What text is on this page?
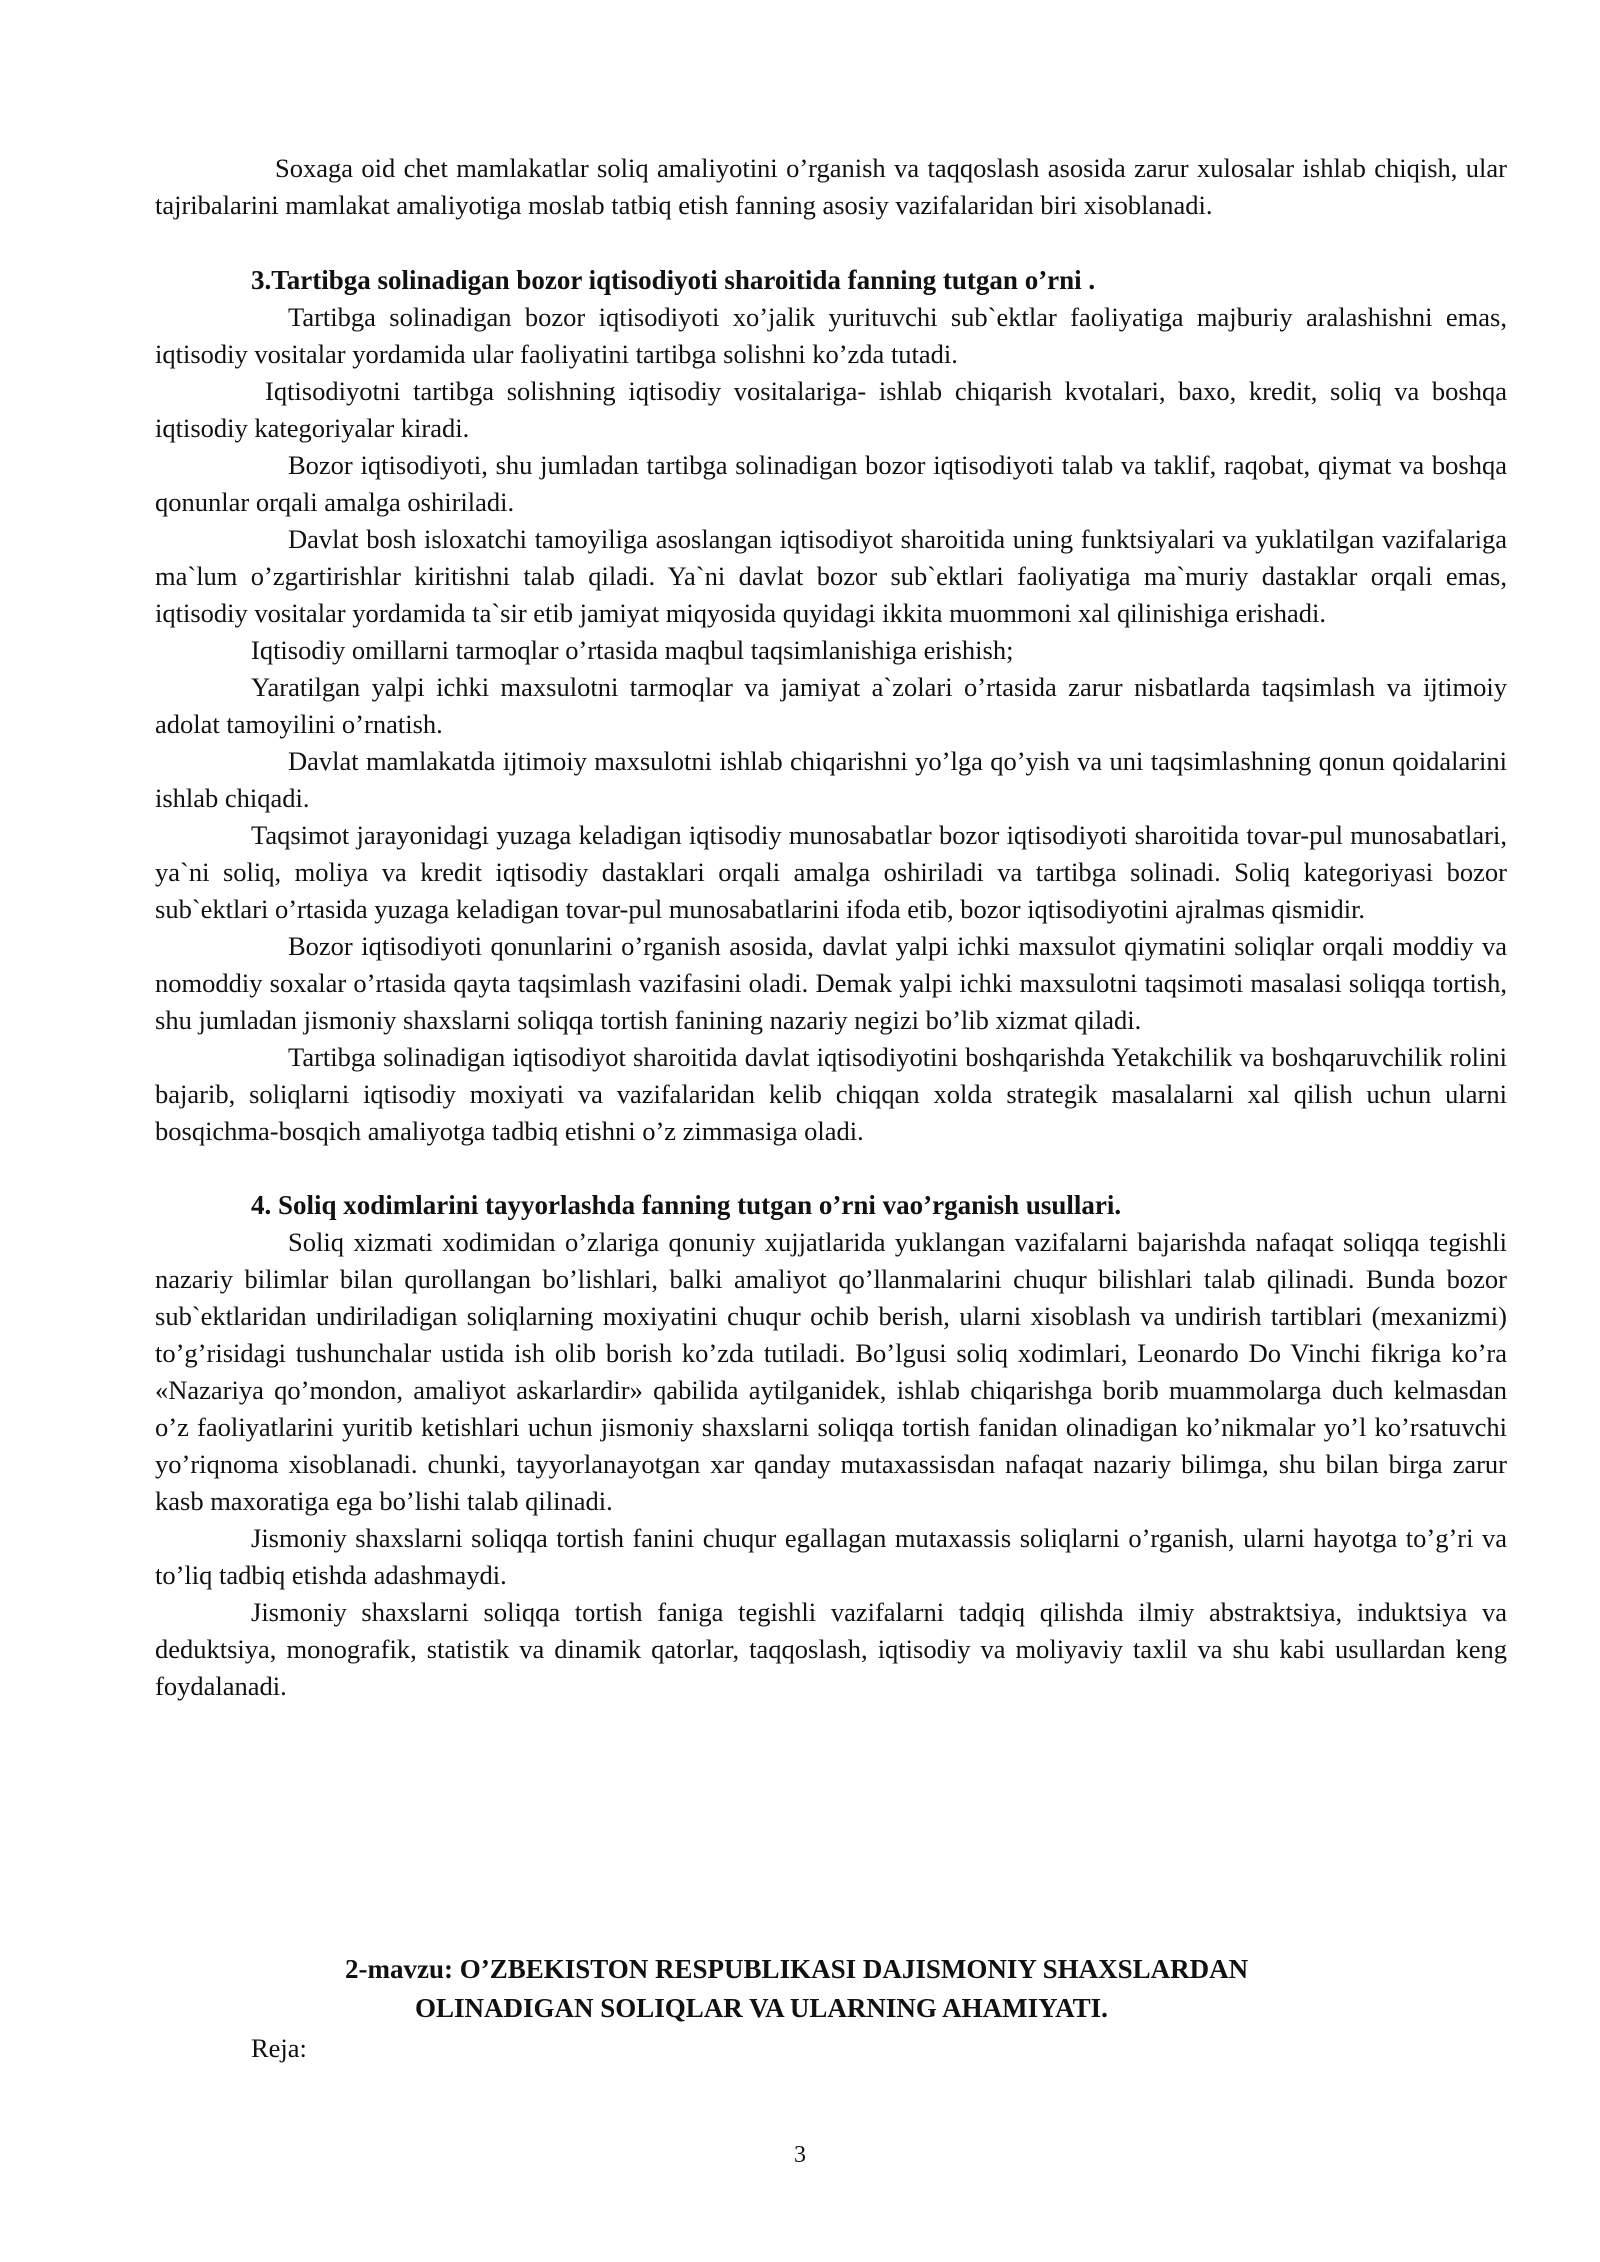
Soxaga oid chet mamlakatlar soliq amaliyotini o’rganish va taqqoslash asosida zarur xulosalar ishlab chiqish, ular tajribalarini mamlakat amaliyotiga moslab tatbiq etish fanning asosiy vazifalaridan biri xisoblanadi.

3.Tartibga solinadigan bozor iqtisodiyoti sharoitida fanning tutgan o’rni .

Tartibga solinadigan bozor iqtisodiyoti xo’jalik yurituvchi sub`ektlar faoliyatiga majburiy aralashishni emas, iqtisodiy vositalar yordamida ular faoliyatini tartibga solishni ko’zda tutadi.

Iqtisodiyotni tartibga solishning iqtisodiy vositalariga- ishlab chiqarish kvotalari, baxo, kredit, soliq va boshqa iqtisodiy kategoriyalar kiradi.

Bozor iqtisodiyoti, shu jumladan tartibga solinadigan bozor iqtisodiyoti talab va taklif, raqobat, qiymat va boshqa qonunlar orqali amalga oshiriladi.

Davlat bosh isloxatchi tamoyiliga asoslangan iqtisodiyot sharoitida uning funktsiyalari va yuklatilgan vazifalariga ma`lum o’zgartirishlar kiritishni talab qiladi. Ya`ni davlat bozor sub`ektlari faoliyatiga ma`muriy dastaklar orqali emas, iqtisodiy vositalar yordamida ta`sir etib jamiyat miqyosida quyidagi ikkita muommoni xal qilinishiga erishadi.

Iqtisodiy omillarni tarmoqlar o’rtasida maqbul taqsimlanishiga erishish;

Yaratilgan yalpi ichki maxsulotni tarmoqlar va jamiyat a`zolari o’rtasida zarur nisbatlarda taqsimlash va ijtimoiy adolat tamoyilini o’rnatish.

Davlat mamlakatda ijtimoiy maxsulotni ishlab chiqarishni yo’lga qo’yish va uni taqsimlashning qonun qoidalarini ishlab chiqadi.

Taqsimot jarayonidagi yuzaga keladigan iqtisodiy munosabatlar bozor iqtisodiyoti sharoitida tovar-pul munosabatlari, ya`ni soliq, moliya va kredit iqtisodiy dastaklari orqali amalga oshiriladi va tartibga solinadi. Soliq kategoriyasi bozor sub`ektlari o’rtasida yuzaga keladigan tovar-pul munosabatlarini ifoda etib, bozor iqtisodiyotini ajralmas qismidir.

Bozor iqtisodiyoti qonunlarini o’rganish asosida, davlat yalpi ichki maxsulot qiymatini soliqlar orqali moddiy va nomoddiy soxalar o’rtasida qayta taqsimlash vazifasini oladi. Demak yalpi ichki maxsulotni taqsimoti masalasi soliqqa tortish, shu jumladan jismoniy shaxslarni soliqqa tortish fanining nazariy negizi bo’lib xizmat qiladi.

Tartibga solinadigan iqtisodiyot sharoitida davlat iqtisodiyotini boshqarishda Yetakchilik va boshqaruvchilik rolini bajarib, soliqlarni iqtisodiy moxiyati va vazifalaridan kelib chiqqan xolda strategik masalalarni xal qilish uchun ularni bosqichma-bosqich amaliyotga tadbiq etishni o’z zimmasiga oladi.

4. Soliq xodimlarini tayyorlashda fanning tutgan o’rni vao’rganish usullari.

Soliq xizmati xodimidan o’zlariga qonuniy xujjatlarida yuklangan vazifalarni bajarishda nafaqat soliqqa tegishli nazariy bilimlar bilan qurollangan bo’lishlari, balki amaliyot qo’llanmalarini chuqur bilishlari talab qilinadi. Bunda bozor sub`ektlaridan undiriladigan soliqlarning moxiyatini chuqur ochib berish, ularni xisoblash va undirish tartiblari (mexanizmi) to’g’risidagi tushunchalar ustida ish olib borish ko’zda tutiladi. Bo’lgusi soliq xodimlari, Leonardo Do Vinchi fikriga ko’ra «Nazariya qo’mondon, amaliyot askarlardir» qabilida aytilganidek, ishlab chiqarishga borib muammolarga duch kelmasdan o’z faoliyatlarini yuritib ketishlari uchun jismoniy shaxslarni soliqqa tortish fanidan olinadigan ko’nikmalar yo’l ko’rsatuvchi yo’riqnoma xisoblanadi. chunki, tayyorlanayotgan xar qanday mutaxassisdan nafaqat nazariy bilimga, shu bilan birga zarur kasb maxoratiga ega bo’lishi talab qilinadi.

Jismoniy shaxslarni soliqqa tortish fanini chuqur egallagan mutaxassis soliqlarni o’rganish, ularni hayotga to’g’ri va to’liq tadbiq etishda adashmaydi.

Jismoniy shaxslarni soliqqa tortish faniga tegishli vazifalarni tadqiq qilishda ilmiy abstraktsiya, induktsiya va deduktsiya, monografik, statistik va dinamik qatorlar, taqqoslash, iqtisodiy va moliyaviy taxlil va shu kabi usullardan keng foydalanadi.

2-mavzu: O’ZBEKISTON RESPUBLIKASI DAJISMONIY SHAXSLARDAN
OLINADIGAN SOLIQLAR VA ULARNING AHAMIYATI.
Reja:
3
